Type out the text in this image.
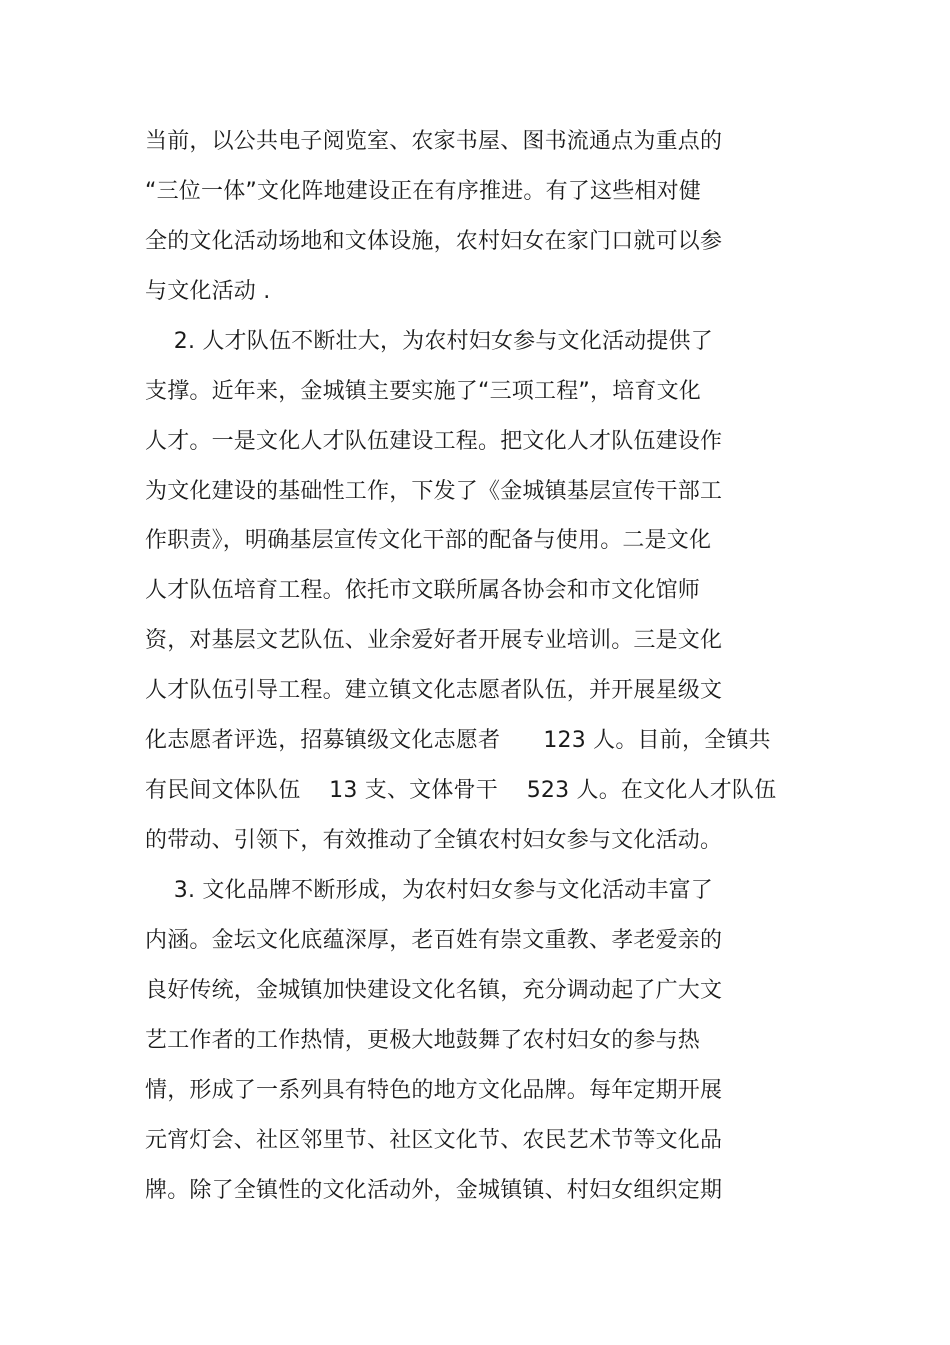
当前，以公共电子阅览室、农家书屋、图书流通点为重点的
“三位一体”文化阵地建设正在有序推进。有了这些相对健
全的文化活动场地和文体设施，农村妇女在家门口就可以参
与文化活动 .
2. 人才队伍不断壮大，为农村妇女参与文化活动提供了
支撑。近年来，金城镇主要实施了“三项工程”，培育文化
人才。一是文化人才队伍建设工程。把文化人才队伍建设作
为文化建设的基础性工作，下发了《金城镇基层宣传干部工
作职责》，明确基层宣传文化干部的配备与使用。二是文化
人才队伍培育工程。依托市文联所属各协会和市文化馆师
资，对基层文艺队伍、业余爱好者开展专业培训。三是文化
人才队伍引导工程。建立镇文化志愿者队伍，并开展星级文
化志愿者评选，招募镇级文化志愿者      123 人。目前，全镇共
有民间文体队伍    13 支、文体骨干    523 人。在文化人才队伍
的带动、引领下，有效推动了全镇农村妇女参与文化活动。
3. 文化品牌不断形成，为农村妇女参与文化活动丰富了
内涵。金坛文化底蕴深厚，老百姓有崇文重教、孝老爱亲的
良好传统，金城镇加快建设文化名镇，充分调动起了广大文
艺工作者的工作热情，更极大地鼓舞了农村妇女的参与热
情，形成了一系列具有特色的地方文化品牌。每年定期开展
元宵灯会、社区邻里节、社区文化节、农民艺术节等文化品
牌。除了全镇性的文化活动外，金城镇镇、村妇女组织定期
